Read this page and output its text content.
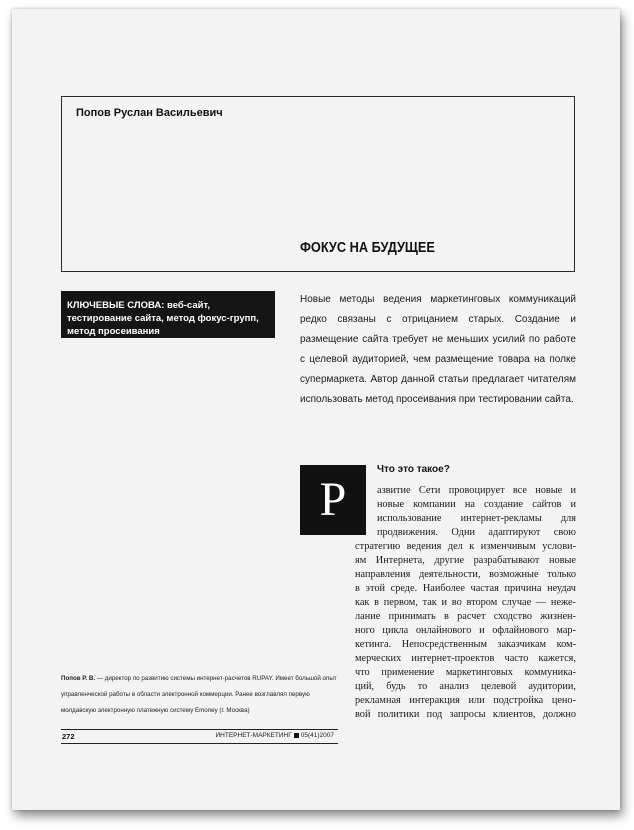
Попов Руслан Васильевич
ФОКУС НА БУДУЩЕЕ
КЛЮЧЕВЫЕ СЛОВА: веб-сайт, тестирование сайта, метод фокус-групп, метод просеивания
Новые методы ведения маркетинговых коммуникаций редко связаны с отрицанием старых. Создание и размещение сайта требует не меньших усилий по работе с целевой аудиторией, чем размещение товара на полке супермаркета. Автор данной статьи предлагает читателям использовать метод просеивания при тестировании сайта.
Р
Что это такое?
азвитие Сети провоцирует все новые и
новые компании на создание сайтов и
использование интернет-рекламы для
продвижения. Одни адаптируют свою
стратегию ведения дел к изменчивым услови-
ям Интернета, другие разрабатывают новые
направления деятельности, возможные только
в этой среде. Наиболее частая причина неудач
как в первом, так и во втором случае — неже-
лание принимать в расчет сходство жизнен-
ного цикла онлайнового и офлайнового мар-
кетинга. Непосредственным заказчикам ком-
мерческих интернет-проектов часто кажется,
что применение маркетинговых коммуника-
ций, будь то анализ целевой аудитории,
рекламная интеракция или подстройка цено-
вой политики под запросы клиентов, должно
Попов Р. В. — директор по развитию системы интернет-расчетов RUPAY. Имеет большой опыт управленческой работы в области электронной коммерции. Ранее возглавлял первую молдавскую электронную платежную систему Emoney (г. Москва)
272	ИНТЕРНЕТ-МАРКЕТИНГ 05(41)2007
